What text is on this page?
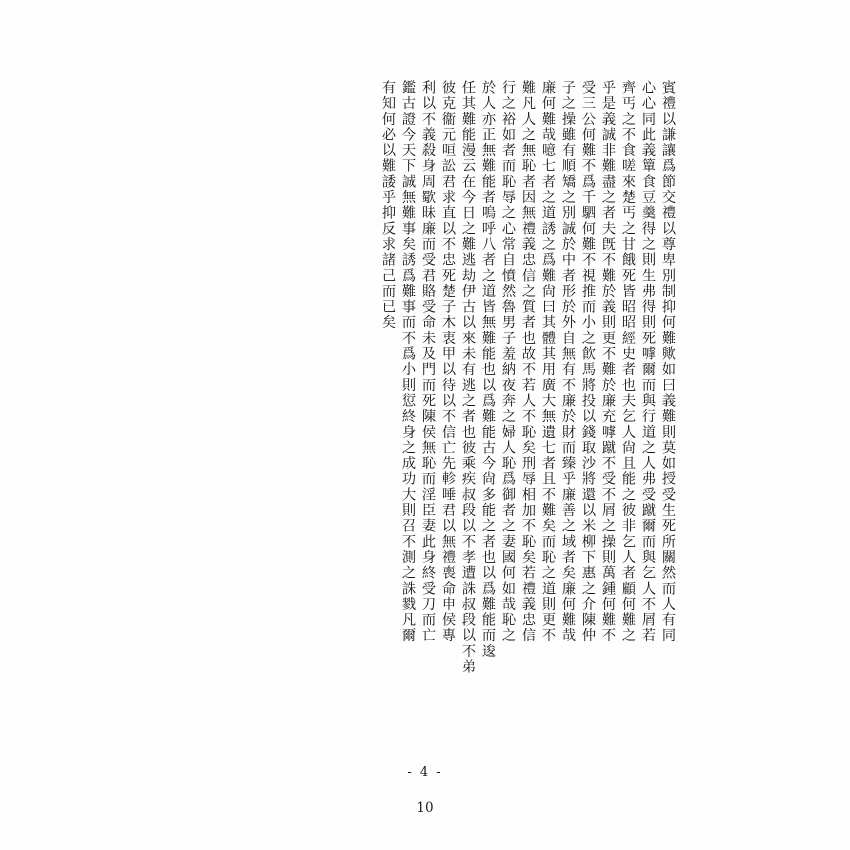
賓禮以謙讓爲節交禮以尊卑別制抑何難歟如曰義難則莫如授受生死所關然而人有同
心心同此義簞食豆羹得之則生弗得則死嘑爾而與行道之人弗受蹴爾而與乞人不屑若
齊丐之不食嗟來楚丐之甘餓死皆昭昭經史者也夫乞人尙且能之彼非乞人者顧何難之
乎是義誠非難盡之者夫旣不難於義則更不難於廉充嘑蹴不受不屑之操則萬鍾何難不
受三公何難不爲千駟何難不視推而小之飮馬將投以錢取沙將還以米柳下惠之介陳仲
子之操雖有順矯之別誠於中者形於外自無有不廉於財而臻乎廉善之域者矣廉何難哉
廉何難哉噫七者之道誘之爲難尙曰其體其用廣大無遺七者且不難矣而恥之道則更不
難凡人之無恥者因無禮義忠信之質者也故不若人不恥矣刑辱相加不恥矣若禮義忠信
行之裕如者而恥辱之心常自憤然魯男子羞納夜奔之婦人恥爲御者之妻國何如哉恥之
於人亦正無難能者嗚呼八者之道皆無難能也以爲難能古今尙多能之者也以爲難能而逡
任其難能漫云在今日之難逃劫伊古以來未有逃之者也彼乘疾叔段以不孝遭誅叔段以不弟
彼克衞元咺訟君求直以不忠死楚子木衷甲以待以不信亡先軫唾君以無禮喪命申侯專
利以不義殺身周歜昧廉而受君賂受命未及門而死陳侯無恥而淫臣妻此身終受刀而亡
鑑古證今天下誠無難事矣誘爲難事而不爲小則愆終身之成功大則召不測之誅戮凡爾
有知何必以難諉乎抑反求諸己而已矣
- 4 -
10
